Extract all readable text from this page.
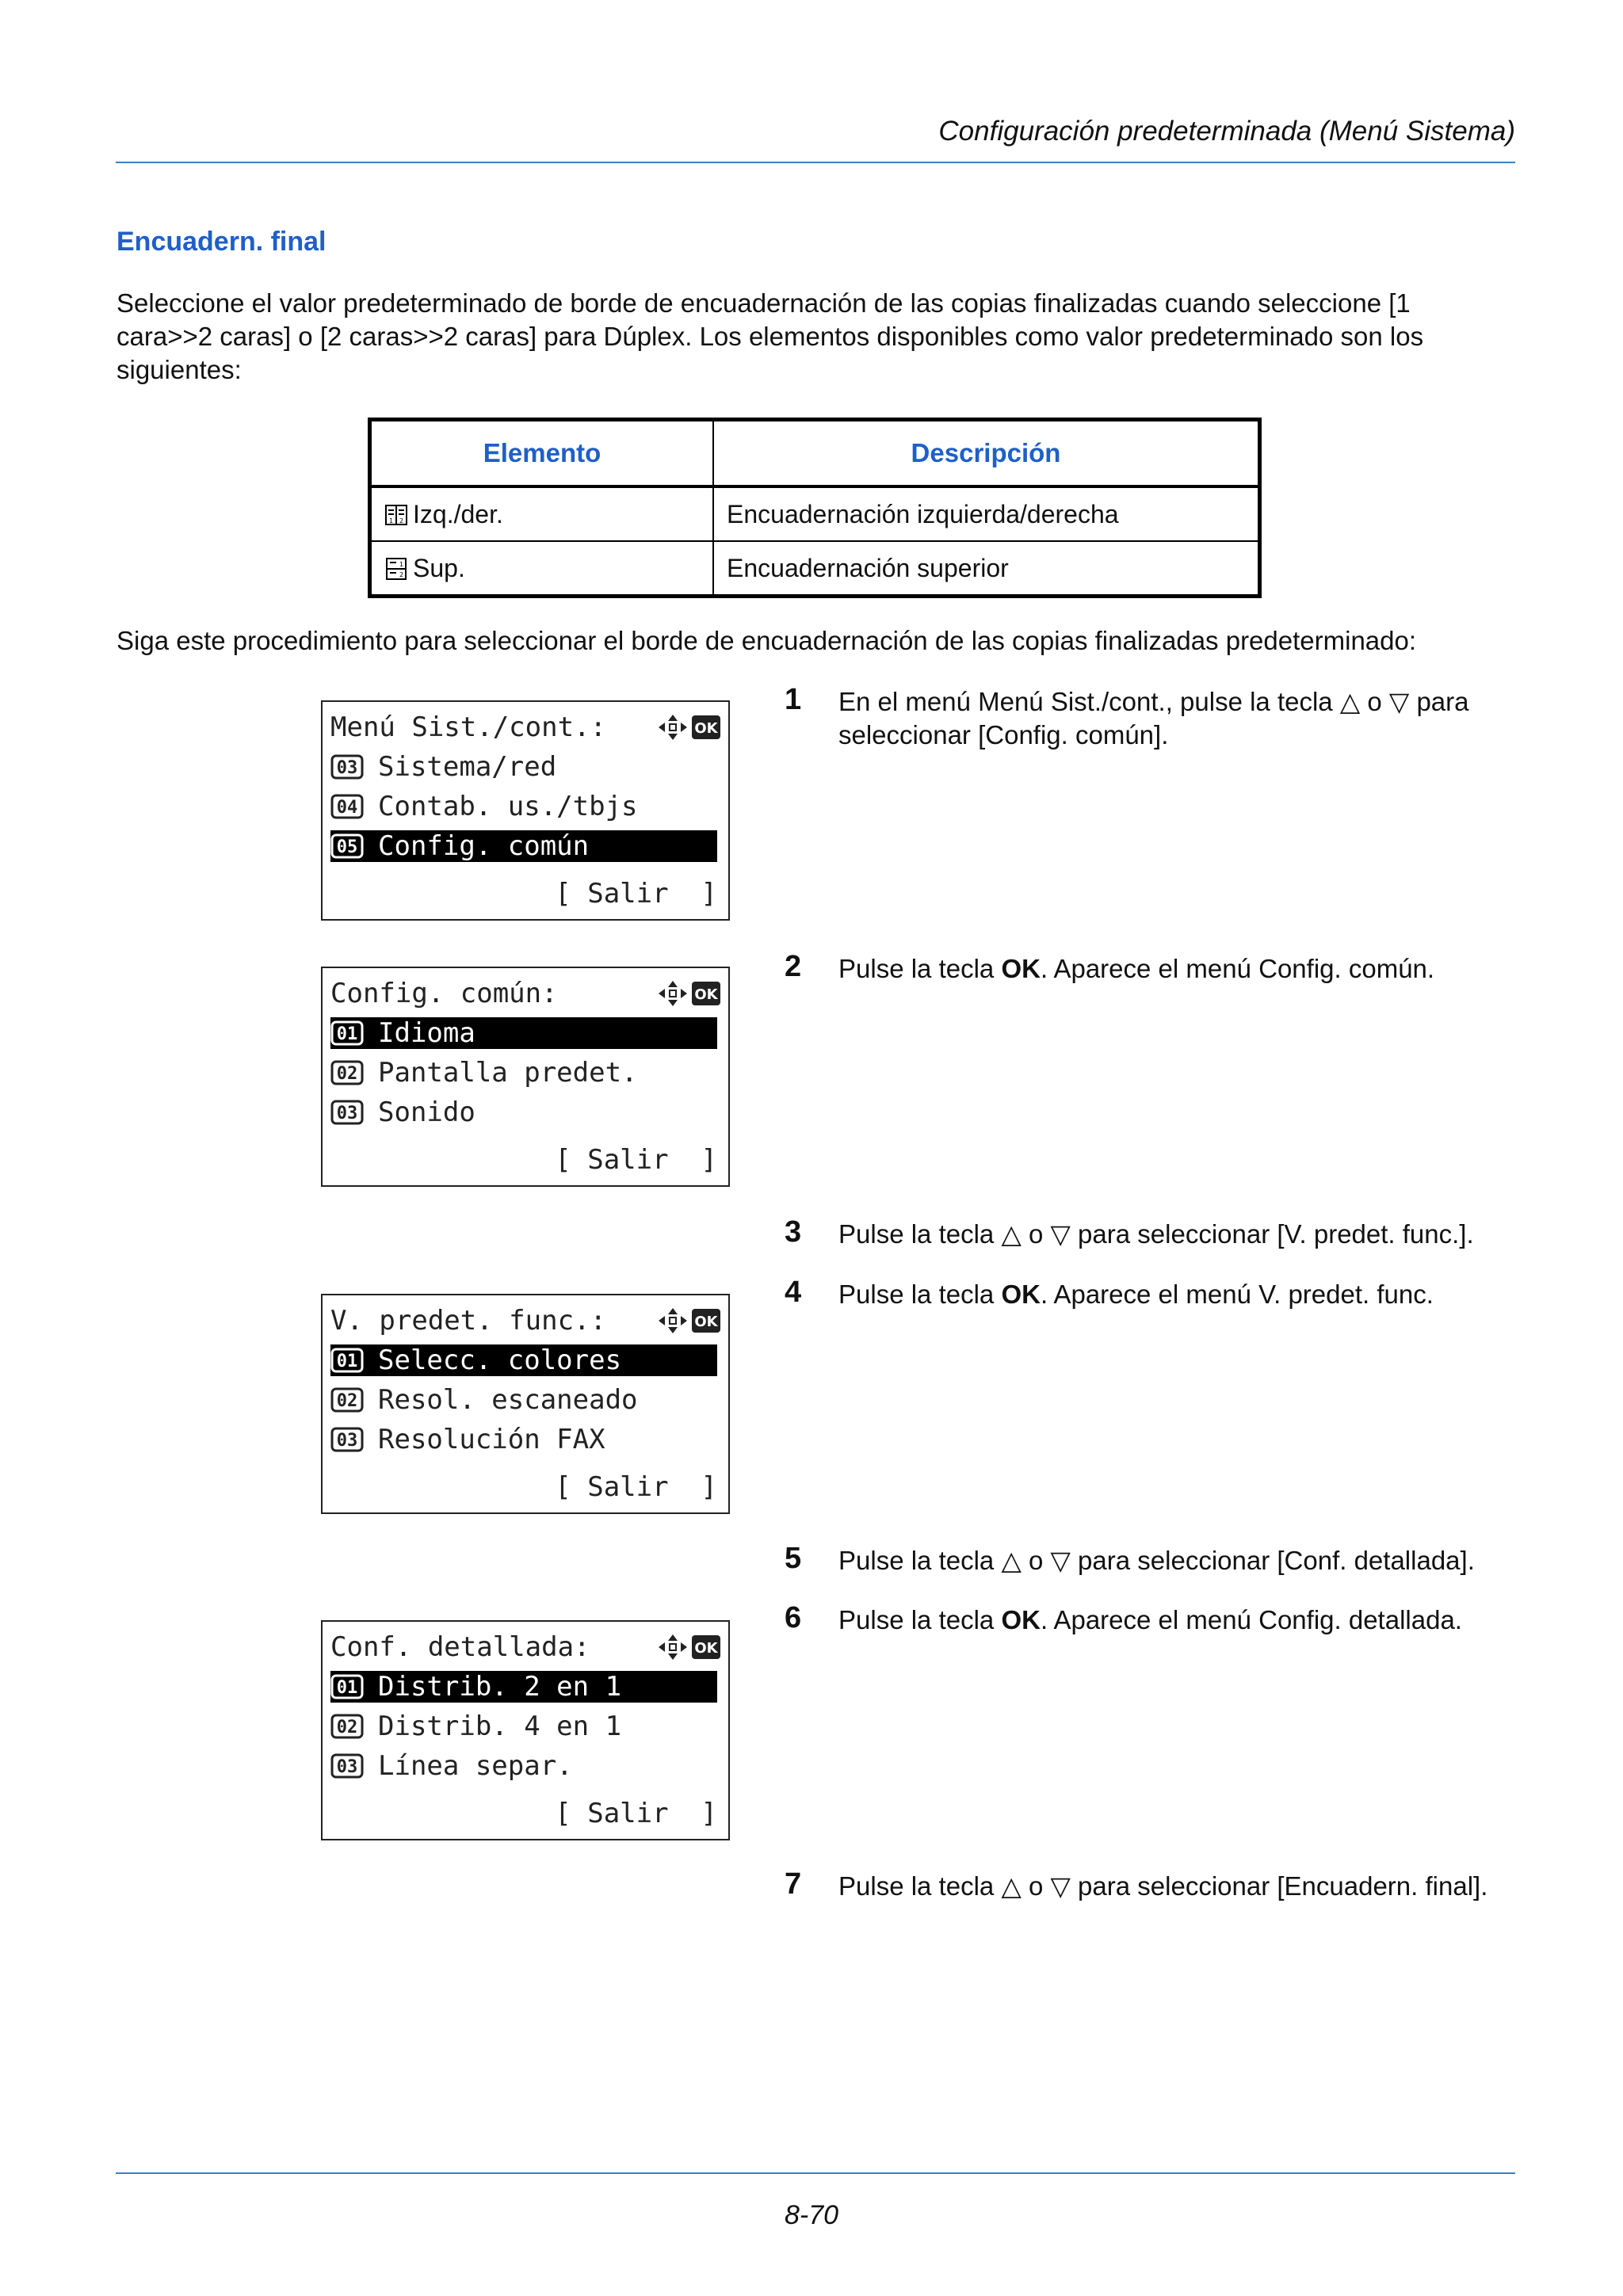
Configuración predeterminada (Menú Sistema)
Encuadern. final
Seleccione el valor predeterminado de borde de encuadernación de las copias finalizadas cuando seleccione [1 cara>>2 caras] o [2 caras>>2 caras] para Dúplex. Los elementos disponibles como valor predeterminado son los siguientes:
Elemento	Descripción

1 2 Izq./der.	Encuadernación izquierda/derecha

1
2 Sup.	Encuadernación superior
Siga este procedimiento para seleccionar el borde de encuadernación de las copias finalizadas predeterminado:
Menú Sist./cont.:	OK
03 Sistema/red
04 Contab. us./tbjs
05 Config. común
[ Salir  ]
Config. común:	OK
01 Idioma
02 Pantalla predet.
03 Sonido
[ Salir  ]
V. predet. func.:	OK
01 Selecc. colores
02 Resol. escaneado
03 Resolución FAX
[ Salir  ]
Conf. detallada:	OK
01 Distrib. 2 en 1
02 Distrib. 4 en 1
03 Línea separ.
[ Salir  ]
1 En el menú Menú Sist./cont., pulse la tecla △ o ▽ para seleccionar [Config. común].
2 Pulse la tecla OK. Aparece el menú Config. común.
3 Pulse la tecla △ o ▽ para seleccionar [V. predet. func.].
4 Pulse la tecla OK. Aparece el menú V. predet. func.
5 Pulse la tecla △ o ▽ para seleccionar [Conf. detallada].
6 Pulse la tecla OK. Aparece el menú Config. detallada.
7 Pulse la tecla △ o ▽ para seleccionar [Encuadern. final].
8-70
